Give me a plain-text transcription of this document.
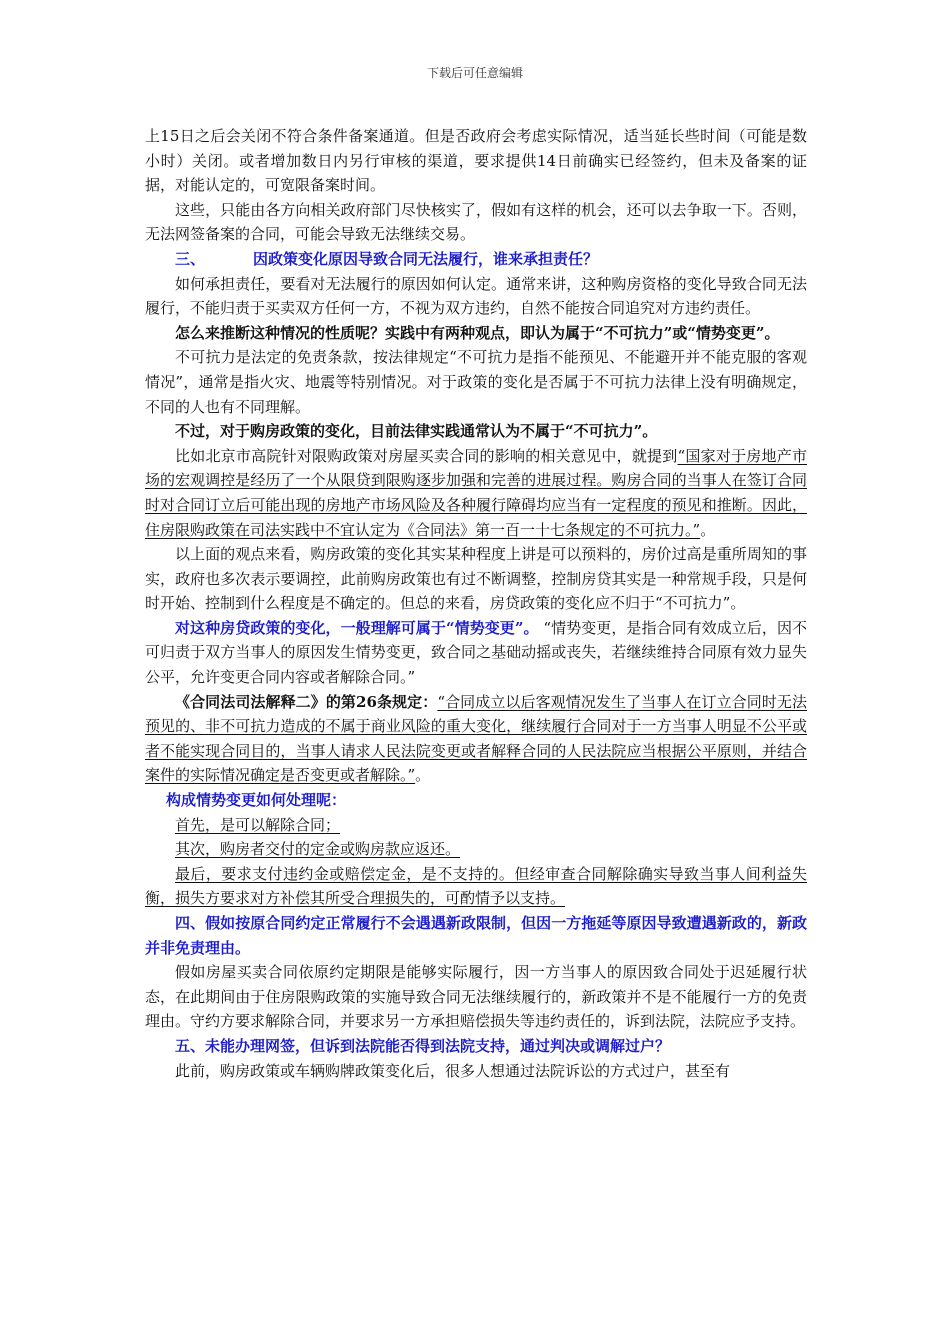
下载后可任意编辑

上15日之后会关闭不符合条件备案通道。但是否政府会考虑实际情况，适当延长些时间（可能是数小时）关闭。或者增加数日内另行审核的渠道，要求提供14日前确实已经签约，但未及备案的证据，对能认定的，可宽限备案时间。

这些，只能由各方向相关政府部门尽快核实了，假如有这样的机会，还可以去争取一下。否则，无法网签备案的合同，可能会导致无法继续交易。

三、	因政策变化原因导致合同无法履行，谁来承担责任？

如何承担责任，要看对无法履行的原因如何认定。通常来讲，这种购房资格的变化导致合同无法履行，不能归责于买卖双方任何一方，不视为双方违约，自然不能按合同追究对方违约责任。

怎么来推断这种情况的性质呢？实践中有两种观点，即认为属于“不可抗力”或“情势变更”。

不可抗力是法定的免责条款，按法律规定“不可抗力是指不能预见、不能避开并不能克服的客观情况”，通常是指火灾、地震等特别情况。对于政策的变化是否属于不可抗力法律上没有明确规定，不同的人也有不同理解。

不过，对于购房政策的变化，目前法律实践通常认为不属于“不可抗力”。

比如北京市高院针对限购政策对房屋买卖合同的影响的相关意见中，就提到“国家对于房地产市场的宏观调控是经历了一个从限贷到限购逐步加强和完善的进展过程。购房合同的当事人在签订合同时对合同订立后可能出现的房地产市场风险及各种履行障碍均应当有一定程度的预见和推断。因此，住房限购政策在司法实践中不宜认定为《合同法》第一百一十七条规定的不可抗力。”。

以上面的观点来看，购房政策的变化其实某种程度上讲是可以预料的，房价过高是重所周知的事实，政府也多次表示要调控，此前购房政策也有过不断调整，控制房贷其实是一种常规手段，只是何时开始、控制到什么程度是不确定的。但总的来看，房贷政策的变化应不归于“不可抗力”。

对这种房贷政策的变化，一般理解可属于“情势变更”。 “情势变更，是指合同有效成立后，因不可归责于双方当事人的原因发生情势变更，致合同之基础动摇或丧失，若继续维持合同原有效力显失公平，允许变更合同内容或者解除合同。”

《合同法司法解释二》的第26条规定：“合同成立以后客观情况发生了当事人在订立合同时无法预见的、非不可抗力造成的不属于商业风险的重大变化，继续履行合同对于一方当事人明显不公平或者不能实现合同目的，当事人请求人民法院变更或者解释合同的人民法院应当根据公平原则，并结合案件的实际情况确定是否变更或者解除。”。

构成情势变更如何处理呢：

首先，是可以解除合同；

其次，购房者交付的定金或购房款应返还。

最后，要求支付违约金或赔偿定金，是不支持的。但经审查合同解除确实导致当事人间利益失衡，损失方要求对方补偿其所受合理损失的，可酌情予以支持。

四、假如按原合同约定正常履行不会遇遇新政限制，但因一方拖延等原因导致遭遇新政的，新政并非免责理由。

假如房屋买卖合同依原约定期限是能够实际履行，因一方当事人的原因致合同处于迟延履行状态，在此期间由于住房限购政策的实施导致合同无法继续履行的，新政策并不是不能履行一方的免责理由。守约方要求解除合同，并要求另一方承担赔偿损失等违约责任的，诉到法院，法院应予支持。

五、未能办理网签，但诉到法院能否得到法院支持，通过判决或调解过户？

此前，购房政策或车辆购牌政策变化后，很多人想通过法院诉讼的方式过户，甚至有
